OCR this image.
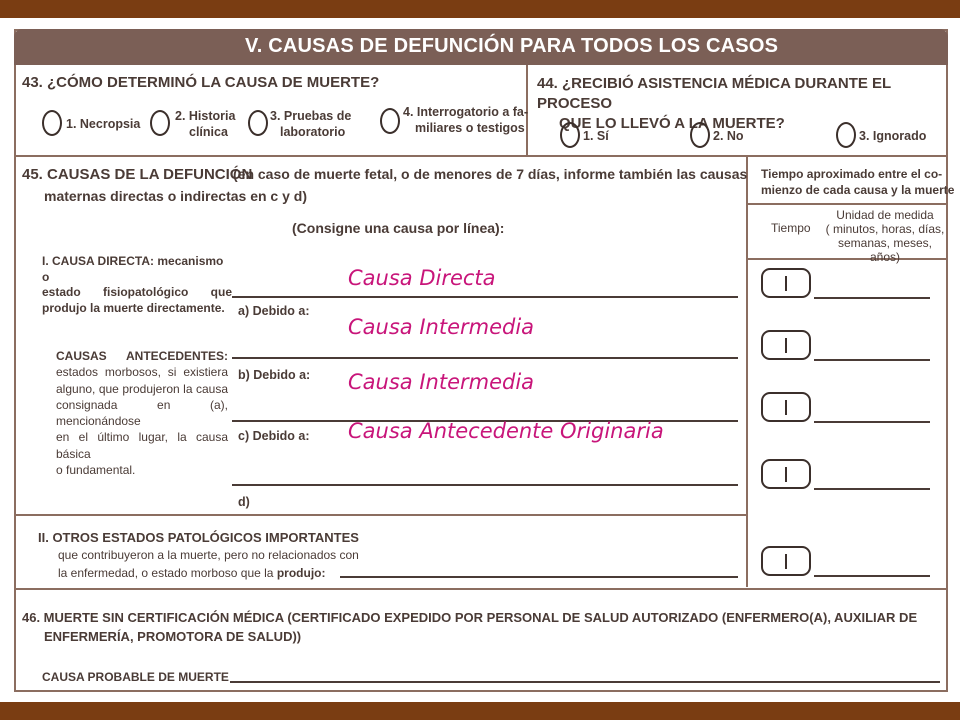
V. CAUSAS DE DEFUNCIÓN PARA TODOS LOS CASOS
43. ¿CÓMO DETERMINÓ LA CAUSA DE MUERTE?
1. Necropsia
2. Historia
clínica
3. Pruebas de
laboratorio
4. Interrogatorio a fa-
miliares o testigos
44. ¿RECIBIÓ ASISTENCIA MÉDICA DURANTE EL PROCESO
QUE LO LLEVÓ A LA MUERTE?
1. Sí	2. No	3. Ignorado
45. CAUSAS DE LA DEFUNCIÓN
(en caso de muerte fetal, o de menores de 7 días, informe también las causas
maternas directas o indirectas en c y d)
(Consigne una causa por línea):
Tiempo aproximado entre el co-
mienzo de cada causa y la muerte
Tiempo
Unidad de medida
( minutos, horas, días,
semanas, meses, años)
I. CAUSA DIRECTA: mecanismo o
estado fisiopatológico que
produjo la muerte directamente.
CAUSAS ANTECEDENTES:
estados morbosos, si existiera
alguno, que produjeron la causa
consignada en (a), mencionándose
en el último lugar, la causa básica
o fundamental.
a) Debido a:
b) Debido a:
c) Debido a:
d)
Causa Directa
Causa Intermedia
Causa Intermedia
Causa Antecedente Originaria
II. OTROS ESTADOS PATOLÓGICOS IMPORTANTES
que contribuyeron a la muerte, pero no relacionados con
la enfermedad, o estado morboso que la produjo:
46. MUERTE SIN CERTIFICACIÓN MÉDICA (CERTIFICADO EXPEDIDO POR PERSONAL DE SALUD AUTORIZADO (ENFERMERO(A), AUXILIAR DE
ENFERMERÍA, PROMOTORA DE SALUD))
CAUSA PROBABLE DE MUERTE
